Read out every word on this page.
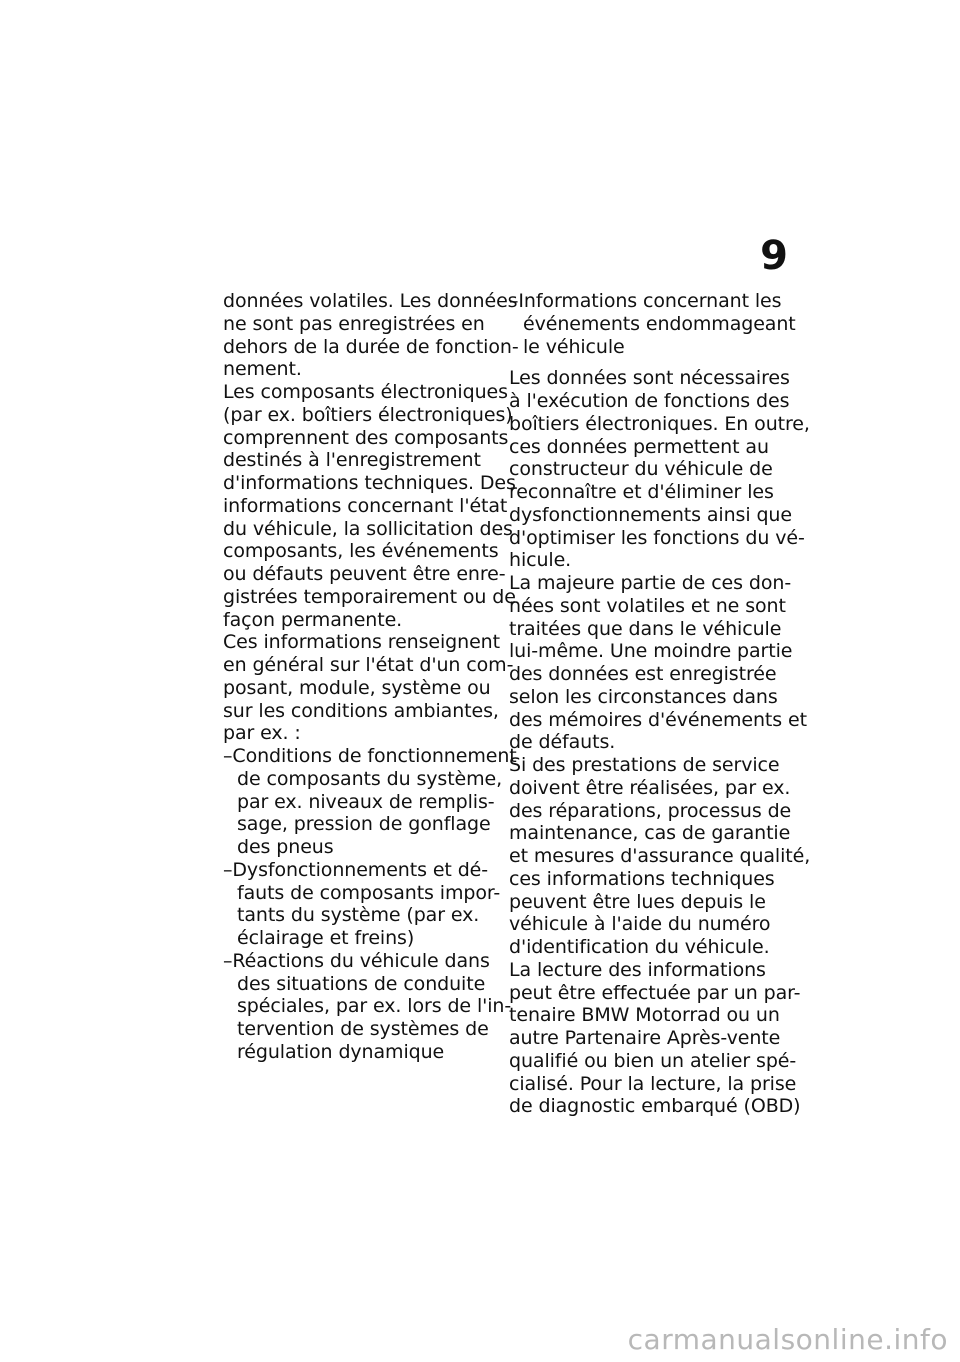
9
données volatiles. Les données
ne sont pas enregistrées en
dehors de la durée de fonction-
nement.
Les composants électroniques
(par ex. boîtiers électroniques)
comprennent des composants
destinés à l'enregistrement
d'informations techniques. Des
informations concernant l'état
du véhicule, la sollicitation des
composants, les événements
ou défauts peuvent être enre-
gistrées temporairement ou de
façon permanente.
Ces informations renseignent
en général sur l'état d'un com-
posant, module, système ou
sur les conditions ambiantes,
par ex. :
–Conditions de fonctionnement
de composants du système,
par ex. niveaux de remplis-
sage, pression de gonflage
des pneus
–Dysfonctionnements et dé-
fauts de composants impor-
tants du système (par ex.
éclairage et freins)
–Réactions du véhicule dans
des situations de conduite
spéciales, par ex. lors de l'in-
tervention de systèmes de
régulation dynamique
–Informations concernant les
événements endommageant
le véhicule
Les données sont nécessaires
à l'exécution de fonctions des
boîtiers électroniques. En outre,
ces données permettent au
constructeur du véhicule de
reconnaître et d'éliminer les
dysfonctionnements ainsi que
d'optimiser les fonctions du vé-
hicule.
La majeure partie de ces don-
nées sont volatiles et ne sont
traitées que dans le véhicule
lui-même. Une moindre partie
des données est enregistrée
selon les circonstances dans
des mémoires d'événements et
de défauts.
Si des prestations de service
doivent être réalisées, par ex.
des réparations, processus de
maintenance, cas de garantie
et mesures d'assurance qualité,
ces informations techniques
peuvent être lues depuis le
véhicule à l'aide du numéro
d'identification du véhicule.
La lecture des informations
peut être effectuée par un par-
tenaire BMW Motorrad ou un
autre Partenaire Après-vente
qualifié ou bien un atelier spé-
cialisé. Pour la lecture, la prise
de diagnostic embarqué (OBD)
carmanualsonline.info
